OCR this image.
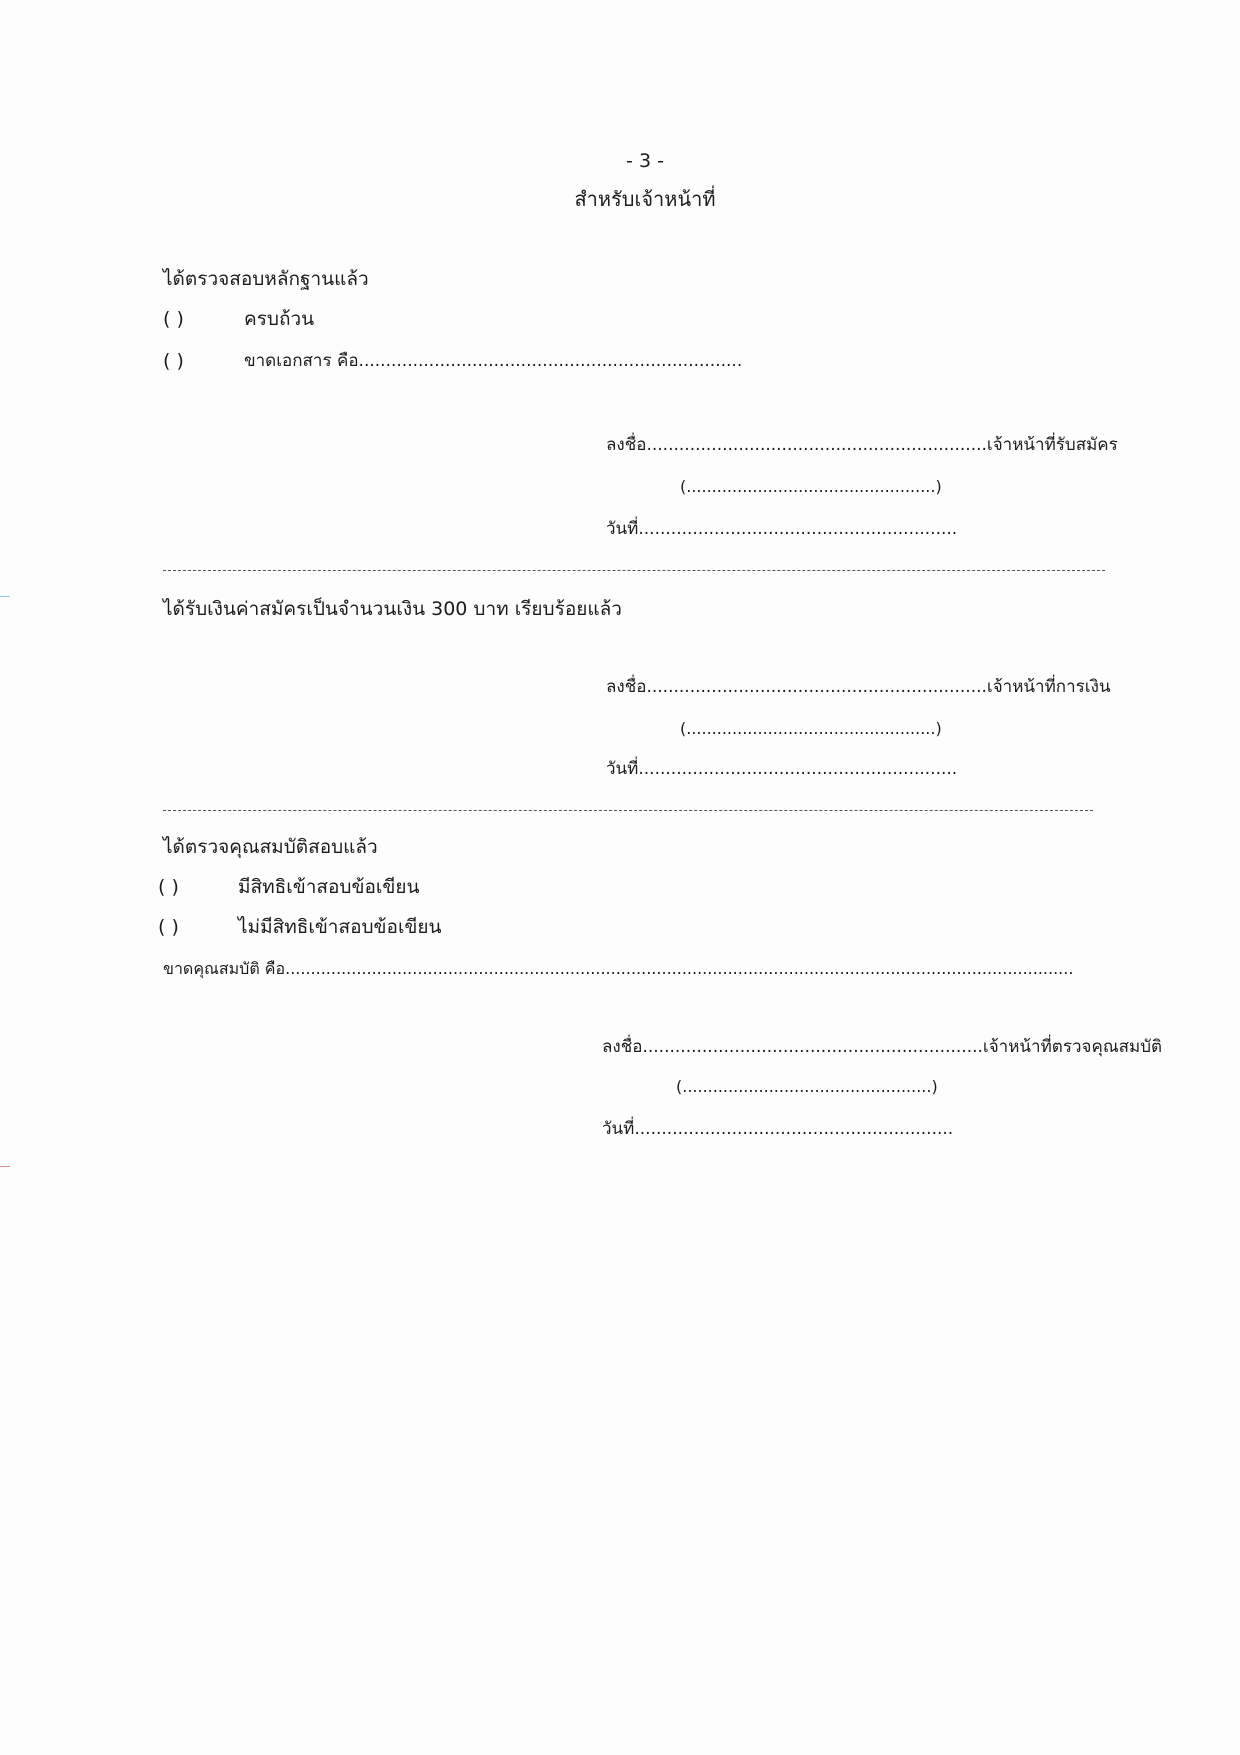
- 3 -
สำหรับเจ้าหน้าที่
ได้ตรวจสอบหลักฐานแล้ว
( )	ครบถ้วน
( )	ขาดเอกสาร คือ.......................................................................
ลงชื่อ...............................................................เจ้าหน้าที่รับสมัคร
(.................................................)
วันที่...........................................................
ได้รับเงินค่าสมัครเป็นจำนวนเงิน 300 บาท เรียบร้อยแล้ว
ลงชื่อ...............................................................เจ้าหน้าที่การเงิน
(.................................................)
วันที่...........................................................
ได้ตรวจคุณสมบัติสอบแล้ว
( )	มีสิทธิเข้าสอบข้อเขียน
( )	ไม่มีสิทธิเข้าสอบข้อเขียน
ขาดคุณสมบัติ คือ...........................................................................................................................................................
ลงชื่อ...............................................................เจ้าหน้าที่ตรวจคุณสมบัติ
(.................................................)
วันที่...........................................................
